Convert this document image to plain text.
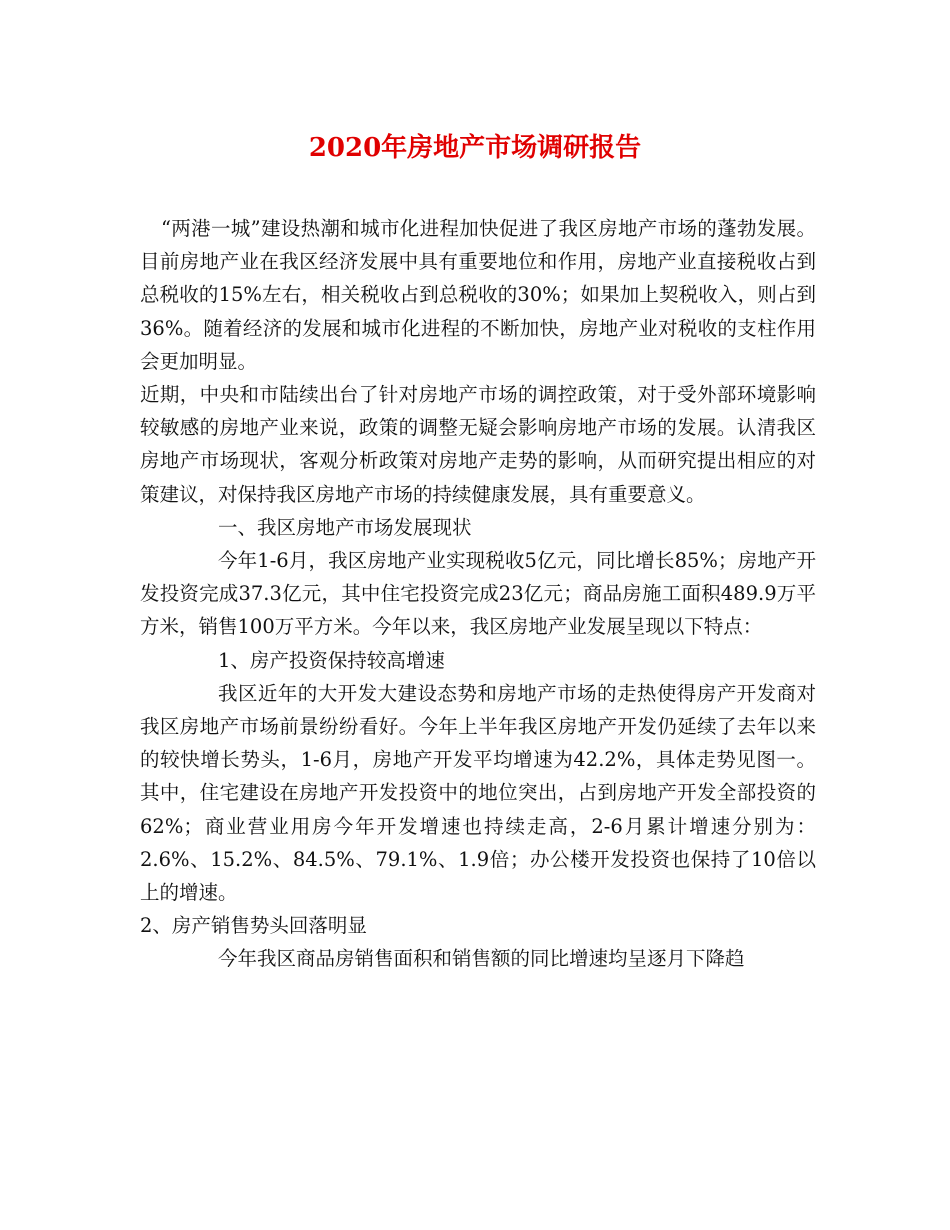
2020年房地产市场调研报告

“两港一城”建设热潮和城市化进程加快促进了我区房地产市场的蓬勃发展。目前房地产业在我区经济发展中具有重要地位和作用，房地产业直接税收占到总税收的15%左右，相关税收占到总税收的30%；如果加上契税收入，则占到36%。随着经济的发展和城市化进程的不断加快，房地产业对税收的支柱作用会更加明显。

近期，中央和市陆续出台了针对房地产市场的调控政策，对于受外部环境影响较敏感的房地产业来说，政策的调整无疑会影响房地产市场的发展。认清我区房地产市场现状，客观分析政策对房地产走势的影响，从而研究提出相应的对策建议，对保持我区房地产市场的持续健康发展，具有重要意义。

一、我区房地产市场发展现状

今年1-6月，我区房地产业实现税收5亿元，同比增长85%；房地产开发投资完成37.3亿元，其中住宅投资完成23亿元；商品房施工面积489.9万平方米，销售100万平方米。今年以来，我区房地产业发展呈现以下特点：

1、房产投资保持较高增速

我区近年的大开发大建设态势和房地产市场的走热使得房产开发商对我区房地产市场前景纷纷看好。今年上半年我区房地产开发仍延续了去年以来的较快增长势头，1-6月，房地产开发平均增速为42.2%，具体走势见图一。其中，住宅建设在房地产开发投资中的地位突出，占到房地产开发全部投资的62%；商业营业用房今年开发增速也持续走高，2-6月累计增速分别为：2.6%、15.2%、84.5%、79.1%、1.9倍；办公楼开发投资也保持了10倍以上的增速。

2、房产销售势头回落明显

今年我区商品房销售面积和销售额的同比增速均呈逐月下降趋
